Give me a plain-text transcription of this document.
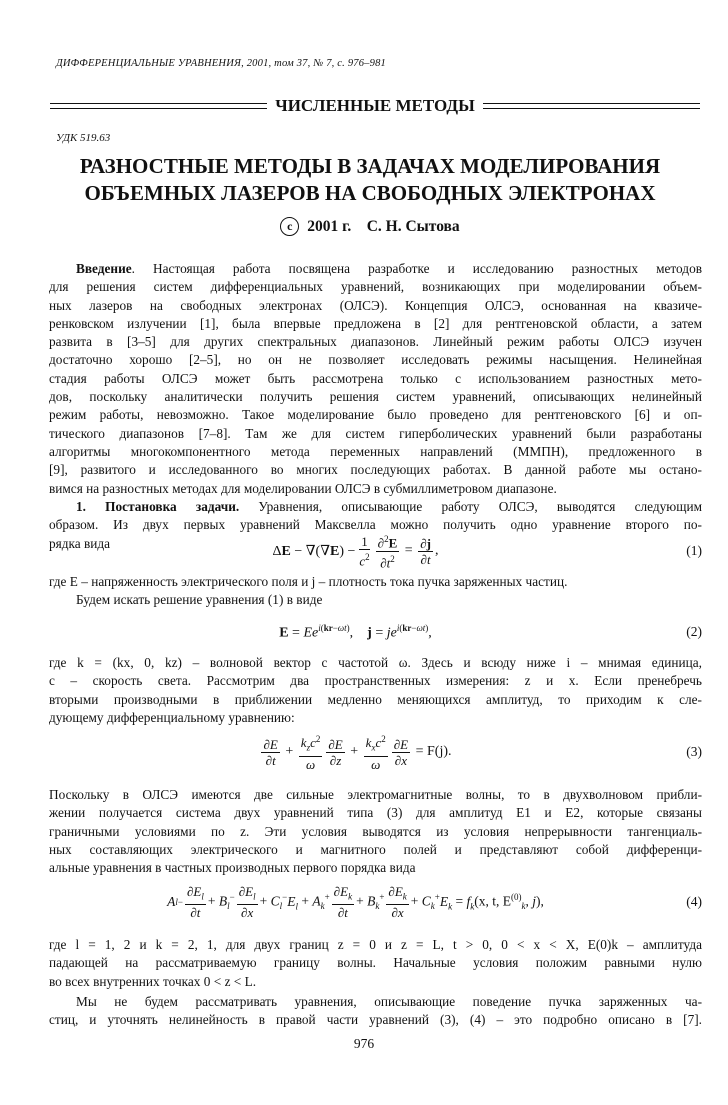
ДИФФЕРЕНЦИАЛЬНЫЕ УРАВНЕНИЯ, 2001, том 37, № 7, с. 976–981
ЧИСЛЕННЫЕ МЕТОДЫ
УДК 519.63
РАЗНОСТНЫЕ МЕТОДЫ В ЗАДАЧАХ МОДЕЛИРОВАНИЯ
ОБЪЕМНЫХ ЛАЗЕРОВ НА СВОБОДНЫХ ЭЛЕКТРОНАХ
c 2001 г. С. Н. Сытова
Введение. Настоящая работа посвящена разработке и исследованию разностных методов
для решения систем дифференциальных уравнений, возникающих при моделировании объем-
ных лазеров на свободных электронах (ОЛСЭ). Концепция ОЛСЭ, основанная на квазиче-
ренковском излучении [1], была впервые предложена в [2] для рентгеновской области, а затем
развита в [3–5] для других спектральных диапазонов. Линейный режим работы ОЛСЭ изучен
достаточно хорошо [2–5], но он не позволяет исследовать режимы насыщения. Нелинейная
стадия работы ОЛСЭ может быть рассмотрена только с использованием разностных мето-
дов, поскольку аналитически получить решения систем уравнений, описывающих нелинейный
режим работы, невозможно. Такое моделирование было проведено для рентгеновского [6] и оп-
тического диапазонов [7–8]. Там же для систем гиперболических уравнений были разработаны
алгоритмы многокомпонентного метода переменных направлений (ММПН), предложенного в
[9], развитого и исследованного во многих последующих работах. В данной работе мы остано-
вимся на разностных методах для моделировании ОЛСЭ в субмиллиметровом диапазоне.
1. Постановка задачи. Уравнения, описывающие работу ОЛСЭ, выводятся следующим
образом. Из двух первых уравнений Максвелла можно получить одно уравнение второго по-
рядка вида
$\Delta E - \nabla(\nabla E) - \frac{1}{c^2} \frac{\partial^2E}{\partial t^2} = \frac{\partial j}{\partial t}$ ,	(1)
где E – напряженность электрического поля и j – плотность тока пучка заряженных частиц.
Будем искать решение уравнения (1) в виде
$E = Ee^{i(kr-\omega t)}$,    $j = je^{i(kr-\omega t)}$,	(2)
где k = (kx, 0, kz) – волновой вектор с частотой ω. Здесь и всюду ниже i – мнимая единица,
c – скорость света. Рассмотрим два пространственных измерения: z и x. Если пренебречь
вторыми производными в приближении медленно меняющихся амплитуд, то приходим к сле-
дующему дифференциальному уравнению:
$\frac{\partial E}{\partial t} + \frac{k_zc^2}{\omega} \frac{\partial E}{\partial z} + \frac{k_xc^2}{\omega} \frac{\partial E}{\partial x}$
= F(j).	(3)
Поскольку в ОЛСЭ имеются две сильные электромагнитные волны, то в двухволновом прибли-
жении получается система двух уравнений типа (3) для амплитуд E1 и E2, которые связаны
граничными условиями по z. Эти условия выводятся из условия непрерывности тангенциаль-
ных составляющих электрического и магнитного полей и представляют собой дифференци-
альные уравнения в частных производных первого порядка вида
A $l - \frac{\partial E_l}{\partial t} + B_l^- \frac{\partial E_l}{\partial x} + C_l^-E_l + A_k^+ \frac{\partial E_k}{\partial t} + B_k^+ \frac{\partial E_k}{\partial x} + C_k^+E_k = f_k(x$, t, $E^{(0)}_k$, j),	(4)
где l = 1, 2 и k = 2, 1, для двух границ z = 0 и z = L, t > 0, 0 < x < X, E(0)k – амплитуда
падающей на рассматриваемую границу волны. Начальные условия положим равными нулю
во всех внутренних точках 0 < z < L.
Мы не будем рассматривать уравнения, описывающие поведение пучка заряженных ча-
стиц, и уточнять нелинейность в правой части уравнений (3), (4) – это подробно описано в [7].
976
